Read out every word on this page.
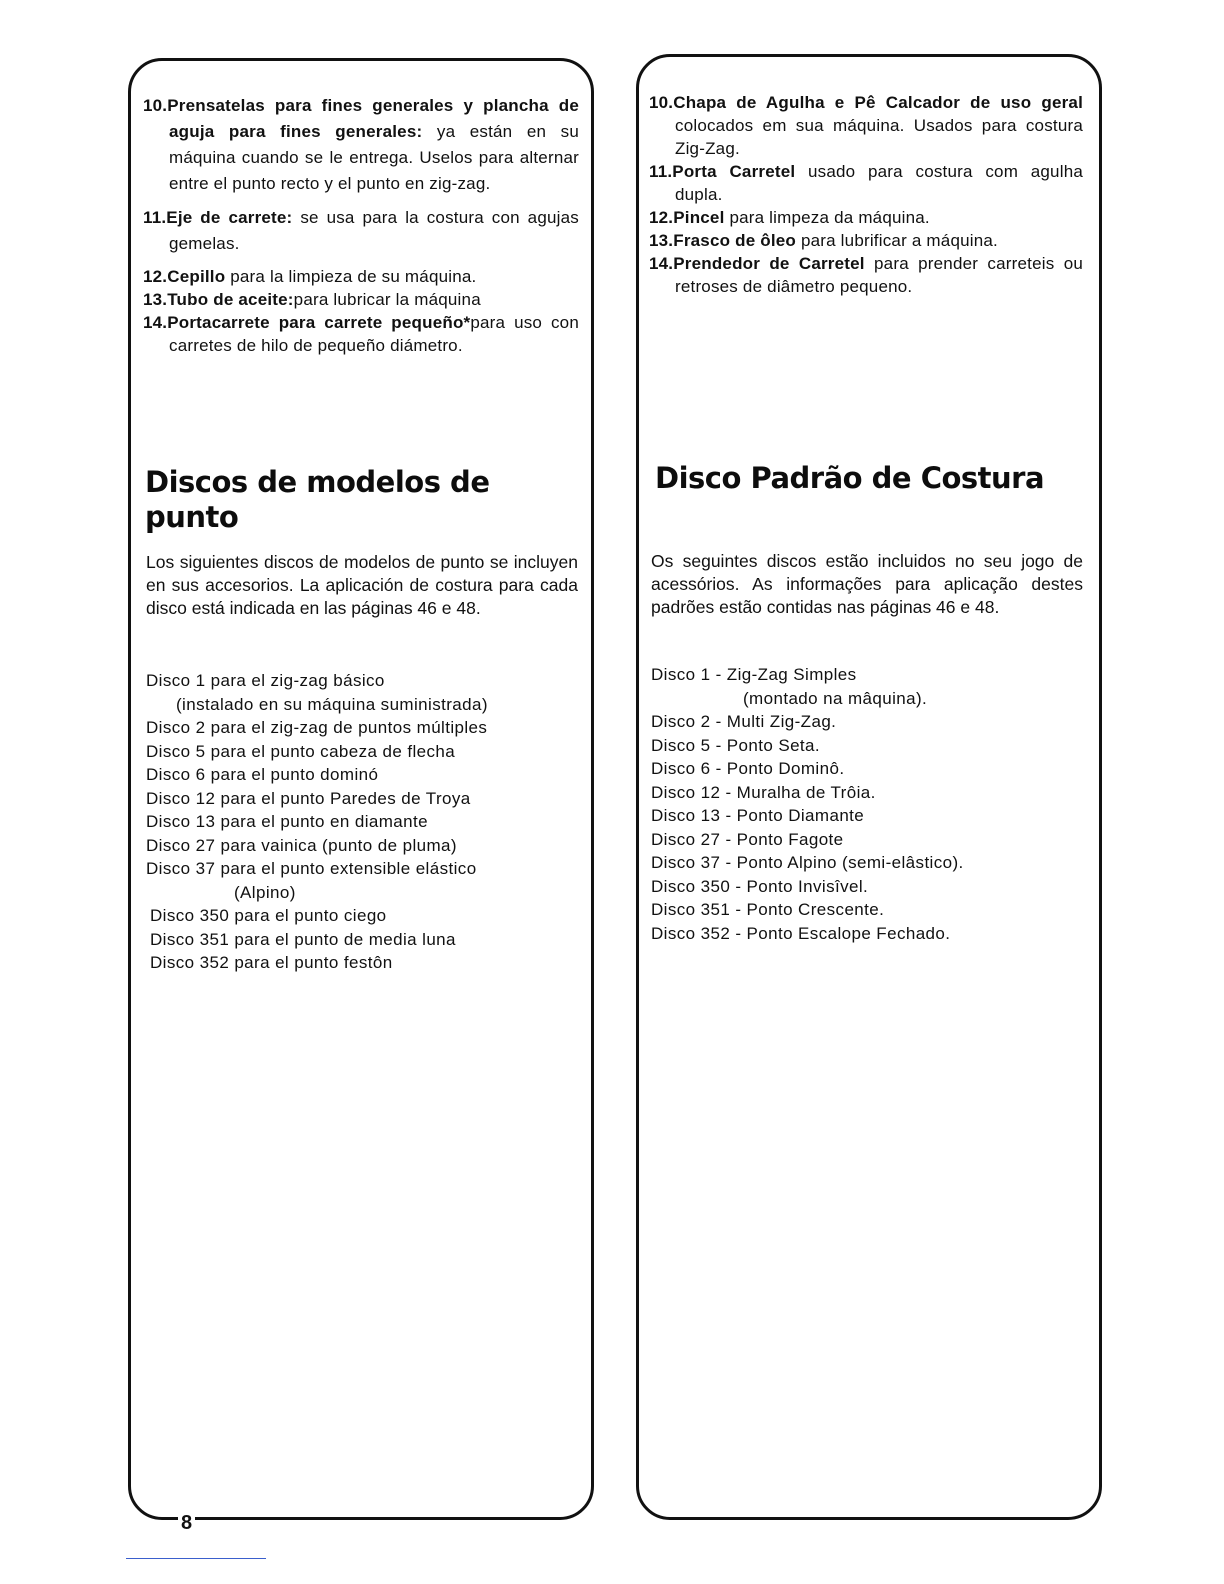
10.Prensatelas para fines generales y plancha de aguja para fines generales: ya están en su máquina cuando se le entrega. Uselos para alternar entre el punto recto y el punto en zig-zag.
11.Eje de carrete: se usa para la costura con agujas gemelas.
12.Cepillo para la limpieza de su máquina.
13.Tubo de aceite:para lubricar la máquina
14.Portacarrete para carrete pequeño*para uso con carretes de hilo de pequeño diámetro.
Discos de modelos de punto

Los siguientes discos de modelos de punto se incluyen en sus accesorios. La aplicación de costura para cada disco está indicada en las páginas 46 e 48.

Disco 1 para el zig-zag básico
(instalado en su máquina suministrada)
Disco 2 para el zig-zag de puntos múltiples
Disco 5 para el punto cabeza de flecha
Disco 6 para el punto dominó
Disco 12 para el punto Paredes de Troya
Disco 13 para el punto en diamante
Disco 27 para vainica (punto de pluma)
Disco 37 para el punto extensible elástico
(Alpino)
Disco 350 para el punto ciego
Disco 351 para el punto de media luna
Disco 352 para el punto festôn
10.Chapa de Agulha e Pê Calcador de uso geral colocados em sua máquina. Usados para costura Zig-Zag.
11.Porta Carretel usado para costura com agulha dupla.
12.Pincel para limpeza da máquina.
13.Frasco de ôleo para lubrificar a máquina.
14.Prendedor de Carretel para prender carreteis ou retroses de diâmetro pequeno.
Disco Padrão de Costura

Os seguintes discos estão incluidos no seu jogo de acessórios. As informações para aplicação destes padrões estão contidas nas páginas 46 e 48.

Disco 1 - Zig-Zag Simples
(montado na mâquina).
Disco 2 - Multi Zig-Zag.
Disco 5 - Ponto Seta.
Disco 6 - Ponto Dominô.
Disco 12 - Muralha de Trôia.
Disco 13 - Ponto Diamante
Disco 27 - Ponto Fagote
Disco 37 - Ponto Alpino (semi-elâstico).
Disco 350 - Ponto Invisîvel.
Disco 351 - Ponto Crescente.
Disco 352 - Ponto Escalope Fechado.
8
